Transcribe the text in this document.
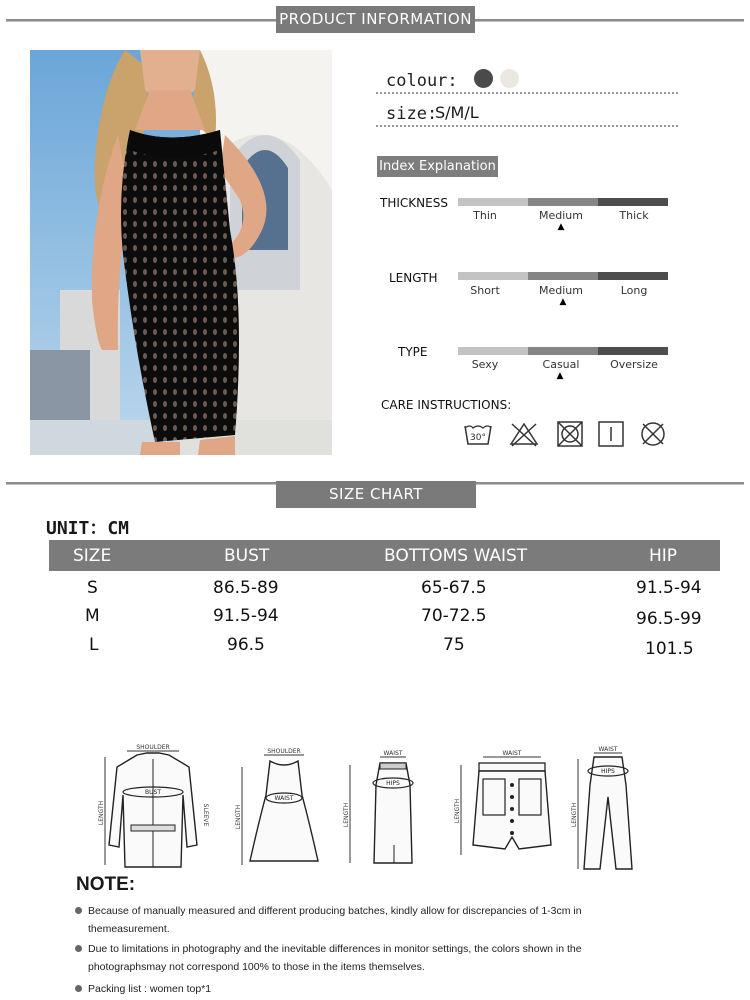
PRODUCT INFORMATION
colour:
size:
S/M/L
Index Explanation
THICKNESS
Thin	Medium	Thick
▲
LENGTH
Short	Medium	Long
▲
TYPE
Sexy	Casual	Oversize
▲
CARE INSTRUCTIONS:
30°
SIZE CHART
UNIT：CM
SIZE	BUST	BOTTOMS WAIST	HIP
S	86.5-89	65-67.5	91.5-94
M	91.5-94	70-72.5	96.5-99
L	96.5	75	101.5
SHOULDER
LENGTH
BUST
SLEEVE
SHOULDER
LENGTH
WAIST
WAIST
LENGTH
HIPS
WAIST
LENGTH
WAIST
LENGTH
HIPS
NOTE:
Because of manually measured and different producing batches, kindly allow for discrepancies of 1-3cm in themeasurement.
Due to limitations in photography and the inevitable differences in monitor settings, the colors shown in the photographsmay not correspond 100% to those in the items themselves.
Packing list : women top*1
